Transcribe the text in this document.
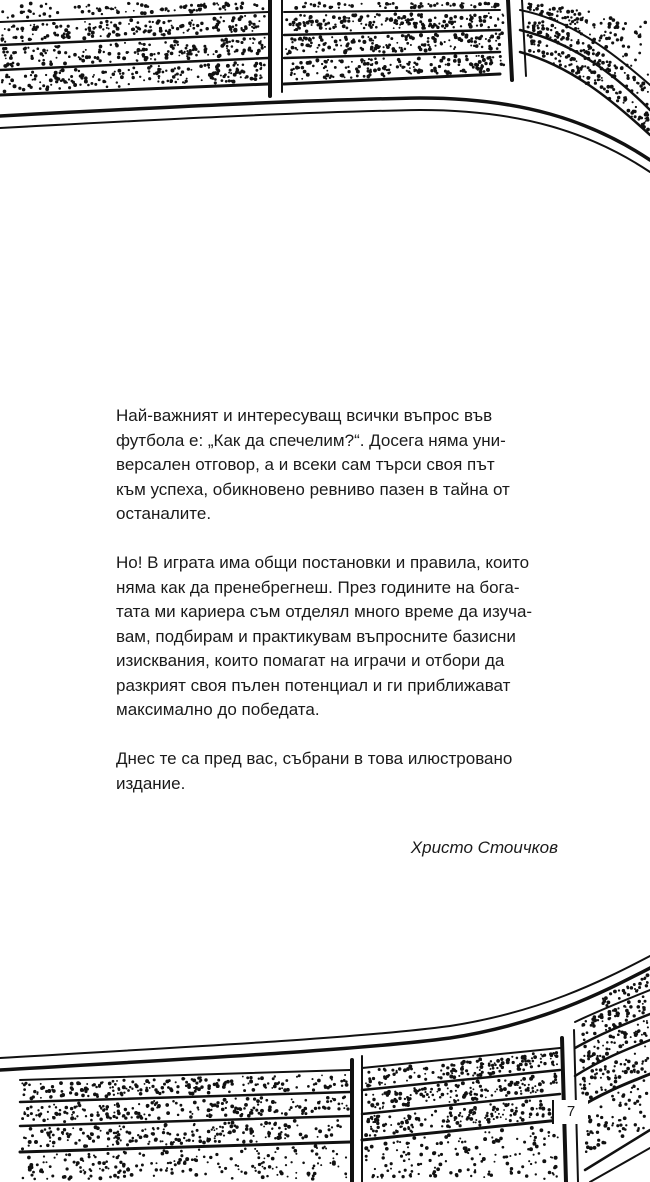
Най-важният и интересуващ всички въпрос във
футбола е: „Как да спечелим?“. Досега няма уни-
версален отговор, а и всеки сам търси своя път
към успеха, обикновено ревниво пазен в тайна от
останалите.
Но! В играта има общи постановки и правила, които
няма как да пренебрегнеш. През годините на бога-
тата ми кариера съм отделял много време да изуча-
вам, подбирам и практикувам въпросните базисни
изисквания, които помагат на играчи и отбори да
разкрият своя пълен потенциал и ги приближават
максимално до победата.
Днес те са пред вас, събрани в това илюстровано
издание.
Христо Стоичков
7
